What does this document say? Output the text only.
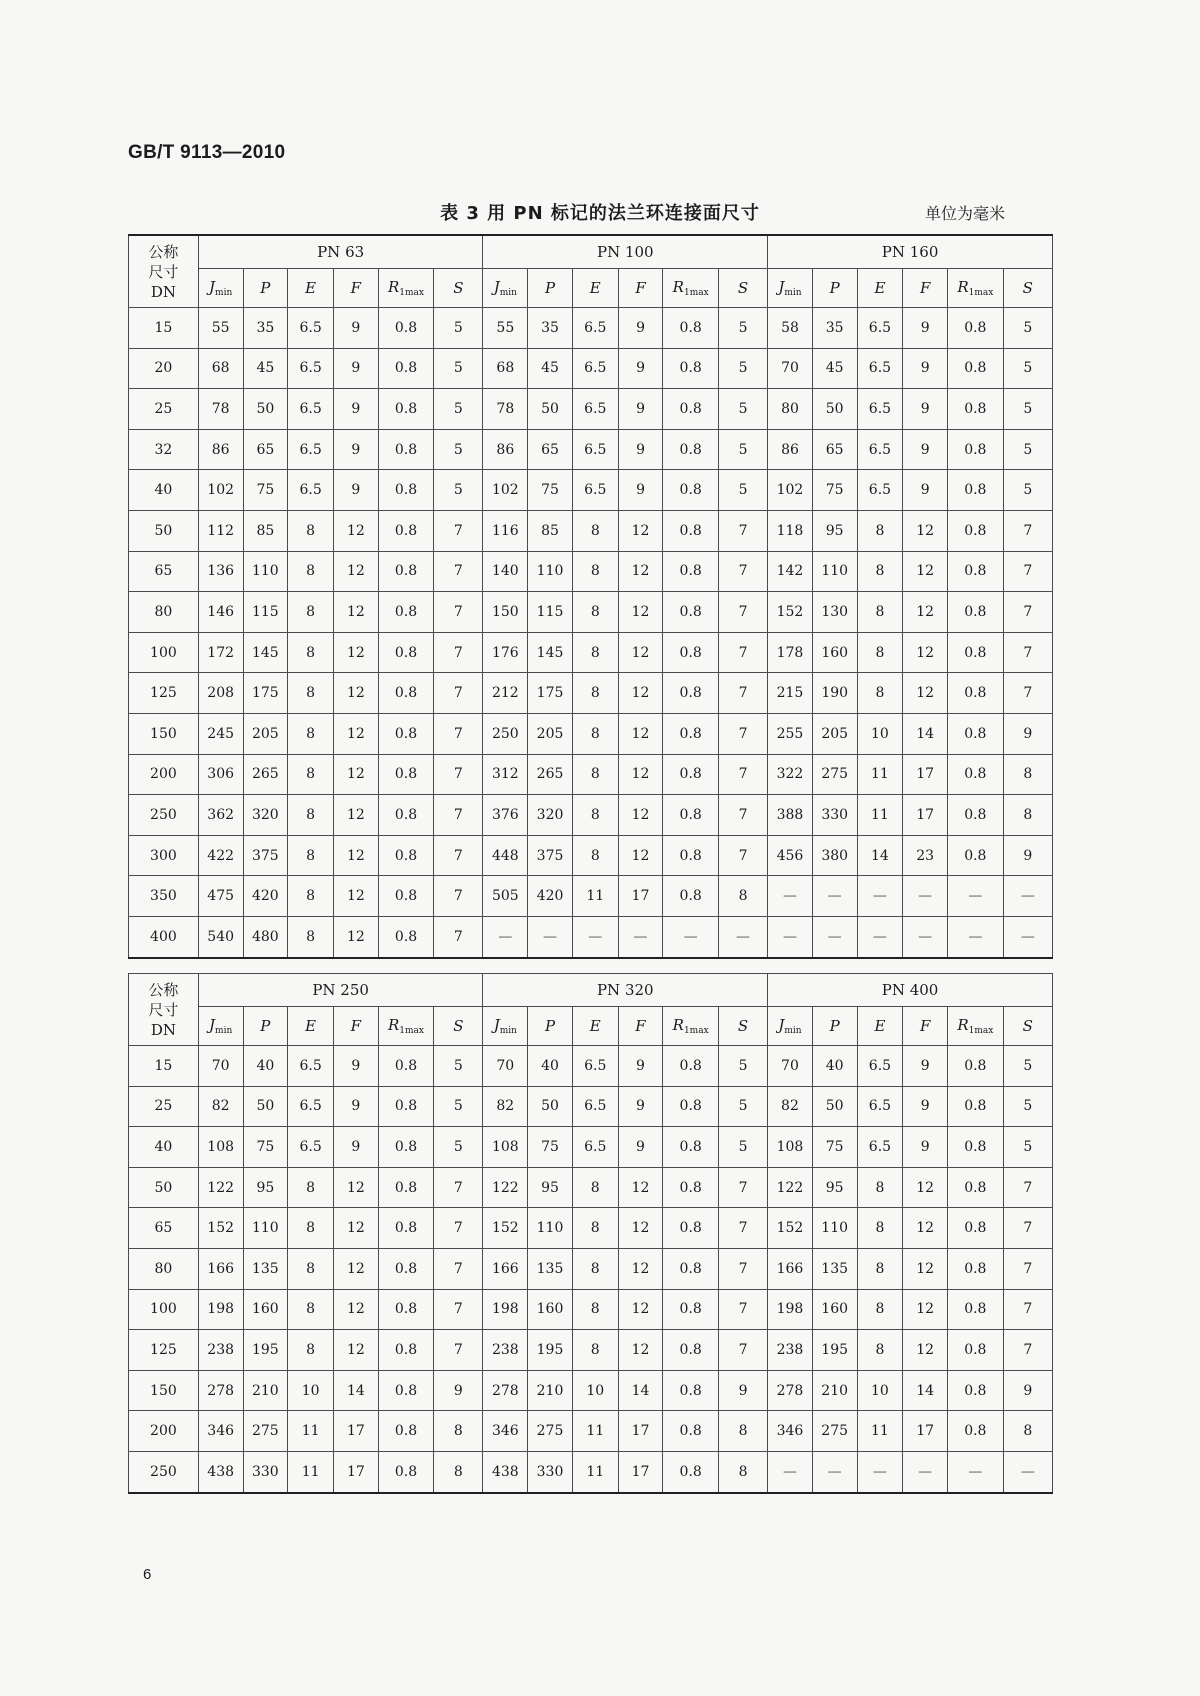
GB/T 9113—2010
表 3 用 PN 标记的法兰环连接面尺寸	单位为毫米
公称
尺寸
DN	PN 63						PN 100						PN 160					
	$J_{min}$	P	E	F	$R_{1max}$	S	$J_{min}$	P	E	F	$R_{1max}$	S	$J_{min}$	P	E	F	$R_{1max}$	S
15	55	35	6.5	9	0.8	5	55	35	6.5	9	0.8	5	58	35	6.5	9	0.8	5
20	68	45	6.5	9	0.8	5	68	45	6.5	9	0.8	5	70	45	6.5	9	0.8	5
25	78	50	6.5	9	0.8	5	78	50	6.5	9	0.8	5	80	50	6.5	9	0.8	5
32	86	65	6.5	9	0.8	5	86	65	6.5	9	0.8	5	86	65	6.5	9	0.8	5
40	102	75	6.5	9	0.8	5	102	75	6.5	9	0.8	5	102	75	6.5	9	0.8	5
50	112	85	8	12	0.8	7	116	85	8	12	0.8	7	118	95	8	12	0.8	7
65	136	110	8	12	0.8	7	140	110	8	12	0.8	7	142	110	8	12	0.8	7
80	146	115	8	12	0.8	7	150	115	8	12	0.8	7	152	130	8	12	0.8	7
100	172	145	8	12	0.8	7	176	145	8	12	0.8	7	178	160	8	12	0.8	7
125	208	175	8	12	0.8	7	212	175	8	12	0.8	7	215	190	8	12	0.8	7
150	245	205	8	12	0.8	7	250	205	8	12	0.8	7	255	205	10	14	0.8	9
200	306	265	8	12	0.8	7	312	265	8	12	0.8	7	322	275	11	17	0.8	8
250	362	320	8	12	0.8	7	376	320	8	12	0.8	7	388	330	11	17	0.8	8
300	422	375	8	12	0.8	7	448	375	8	12	0.8	7	456	380	14	23	0.8	9
350	475	420	8	12	0.8	7	505	420	11	17	0.8	8	—	—	—	—	—	—
400	540	480	8	12	0.8	7	—	—	—	—	—	—	—	—	—	—	—	—
公称
尺寸
DN	PN 250						PN 320						PN 400					
	$J_{min}$	P	E	F	$R_{1max}$	S	$J_{min}$	P	E	F	$R_{1max}$	S	$J_{min}$	P	E	F	$R_{1max}$	S
15	70	40	6.5	9	0.8	5	70	40	6.5	9	0.8	5	70	40	6.5	9	0.8	5
25	82	50	6.5	9	0.8	5	82	50	6.5	9	0.8	5	82	50	6.5	9	0.8	5
40	108	75	6.5	9	0.8	5	108	75	6.5	9	0.8	5	108	75	6.5	9	0.8	5
50	122	95	8	12	0.8	7	122	95	8	12	0.8	7	122	95	8	12	0.8	7
65	152	110	8	12	0.8	7	152	110	8	12	0.8	7	152	110	8	12	0.8	7
80	166	135	8	12	0.8	7	166	135	8	12	0.8	7	166	135	8	12	0.8	7
100	198	160	8	12	0.8	7	198	160	8	12	0.8	7	198	160	8	12	0.8	7
125	238	195	8	12	0.8	7	238	195	8	12	0.8	7	238	195	8	12	0.8	7
150	278	210	10	14	0.8	9	278	210	10	14	0.8	9	278	210	10	14	0.8	9
200	346	275	11	17	0.8	8	346	275	11	17	0.8	8	346	275	11	17	0.8	8
250	438	330	11	17	0.8	8	438	330	11	17	0.8	8	—	—	—	—	—	—
6
